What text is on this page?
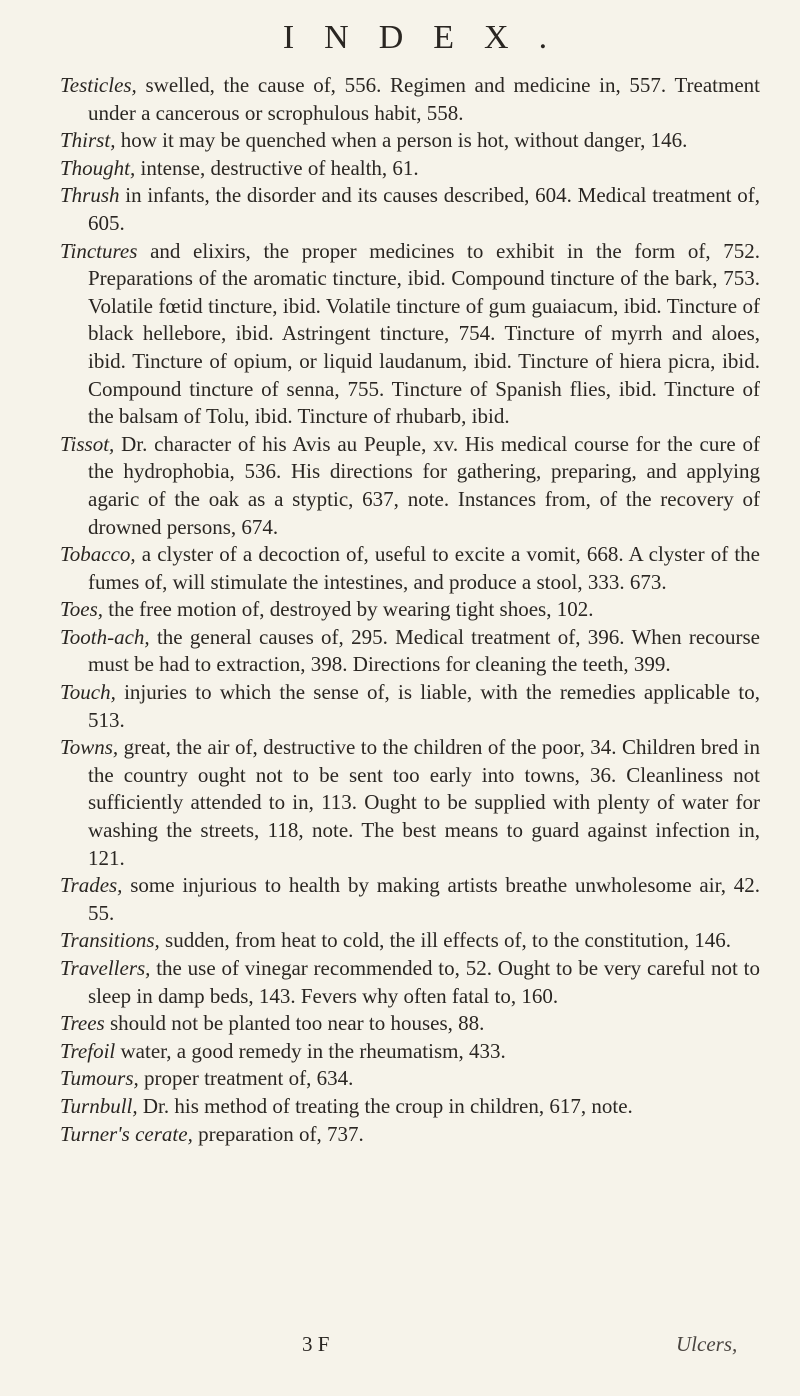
INDEX.

Testicles, swelled, the cause of, 556. Regimen and medicine in, 557. Treatment under a cancerous or scrophulous habit, 558.

Thirst, how it may be quenched when a person is hot, without danger, 146.

Thought, intense, destructive of health, 61.

Thrush in infants, the disorder and its causes described, 604. Medical treatment of, 605.

Tinctures and elixirs, the proper medicines to exhibit in the form of, 752. Preparations of the aromatic tincture, ibid. Compound tincture of the bark, 753. Volatile fœtid tincture, ibid. Volatile tincture of gum guaiacum, ibid. Tincture of black hellebore, ibid. Astringent tincture, 754. Tincture of myrrh and aloes, ibid. Tincture of opium, or liquid laudanum, ibid. Tincture of hiera picra, ibid. Compound tincture of senna, 755. Tincture of Spanish flies, ibid. Tincture of the balsam of Tolu, ibid. Tincture of rhubarb, ibid.

Tissot, Dr. character of his Avis au Peuple, xv. His medical course for the cure of the hydrophobia, 536. His directions for gathering, preparing, and applying agaric of the oak as a styptic, 637, note. Instances from, of the recovery of drowned persons, 674.

Tobacco, a clyster of a decoction of, useful to excite a vomit, 668. A clyster of the fumes of, will stimulate the intestines, and produce a stool, 333. 673.

Toes, the free motion of, destroyed by wearing tight shoes, 102.

Tooth-ach, the general causes of, 295. Medical treatment of, 396. When recourse must be had to extraction, 398. Directions for cleaning the teeth, 399.

Touch, injuries to which the sense of, is liable, with the remedies applicable to, 513.

Towns, great, the air of, destructive to the children of the poor, 34. Children bred in the country ought not to be sent too early into towns, 36. Cleanliness not sufficiently attended to in, 113. Ought to be supplied with plenty of water for washing the streets, 118, note. The best means to guard against infection in, 121.

Trades, some injurious to health by making artists breathe unwholesome air, 42. 55.

Transitions, sudden, from heat to cold, the ill effects of, to the constitution, 146.

Travellers, the use of vinegar recommended to, 52. Ought to be very careful not to sleep in damp beds, 143. Fevers why often fatal to, 160.

Trees should not be planted too near to houses, 88.

Trefoil water, a good remedy in the rheumatism, 433.

Tumours, proper treatment of, 634.

Turnbull, Dr. his method of treating the croup in children, 617, note.

Turner's cerate, preparation of, 737.

3 F	Ulcers,
